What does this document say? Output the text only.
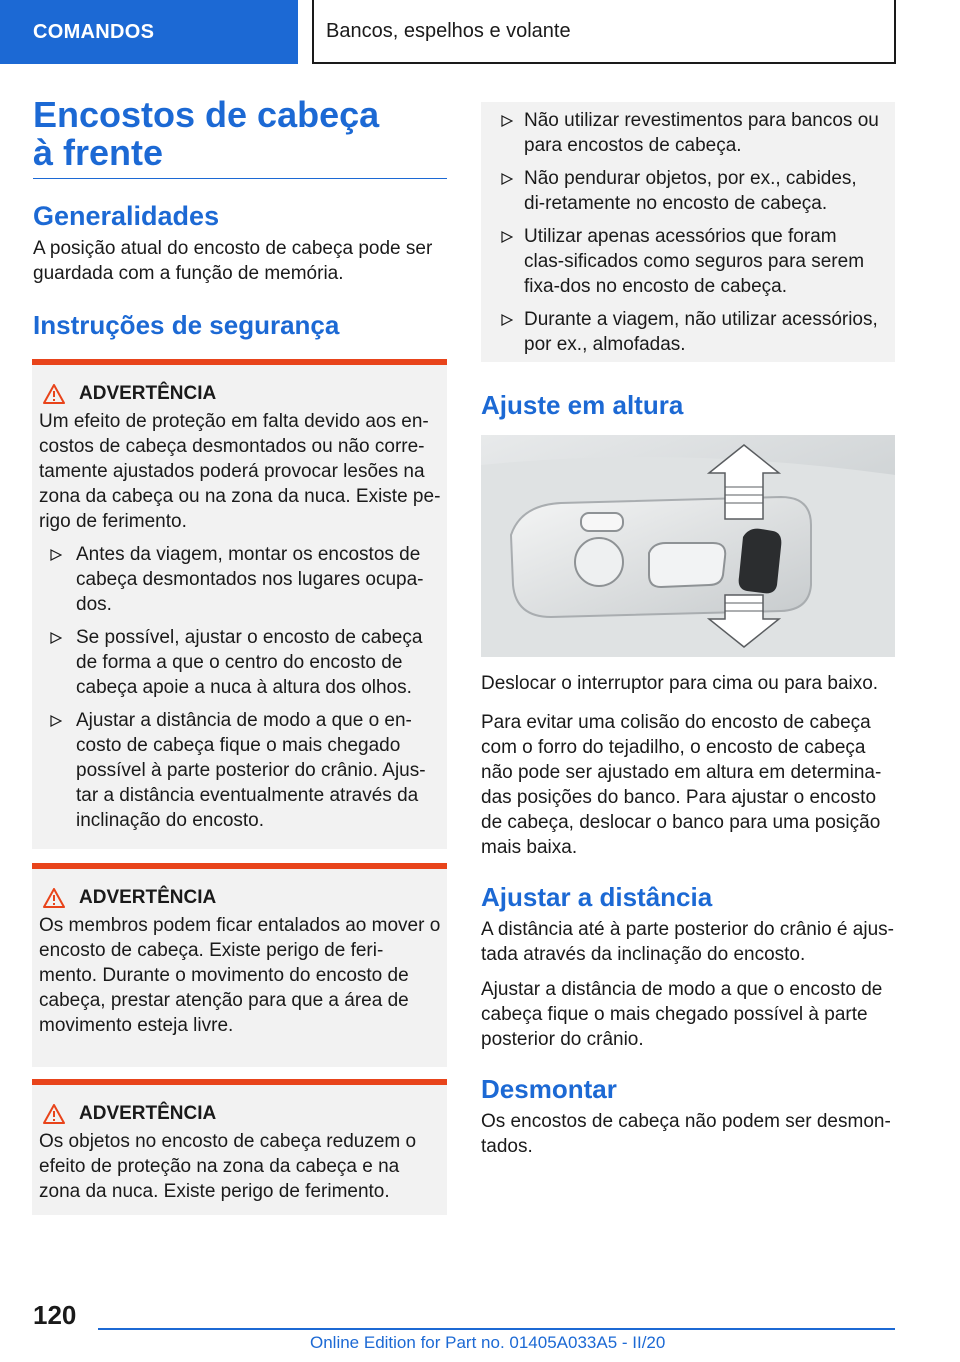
COMANDOS	Bancos, espelhos e volante
Encostos de cabeça à frente
Generalidades

A posição atual do encosto de cabeça pode ser guardada com a função de memória.

Instruções de segurança
ADVERTÊNCIA

Um efeito de proteção em falta devido aos en-costos de cabeça desmontados ou não corre-tamente ajustados poderá provocar lesões na zona da cabeça ou na zona da nuca. Existe pe-rigo de ferimento.

Antes da viagem, montar os encostos de cabeça desmontados nos lugares ocupa-dos.
Se possível, ajustar o encosto de cabeça de forma a que o centro do encosto de cabeça apoie a nuca à altura dos olhos.
Ajustar a distância de modo a que o en-costo de cabeça fique o mais chegado possível à parte posterior do crânio. Ajus-tar a distância eventualmente através da inclinação do encosto.
ADVERTÊNCIA

Os membros podem ficar entalados ao mover o encosto de cabeça. Existe perigo de feri-mento. Durante o movimento do encosto de cabeça, prestar atenção para que a área de movimento esteja livre.

ADVERTÊNCIA

Os objetos no encosto de cabeça reduzem o efeito de proteção na zona da cabeça e na zona da nuca. Existe perigo de ferimento.

Não utilizar revestimentos para bancos ou para encostos de cabeça.
Não pendurar objetos, por ex., cabides, di-retamente no encosto de cabeça.
Utilizar apenas acessórios que foram clas-sificados como seguros para serem fixa-dos no encosto de cabeça.
Durante a viagem, não utilizar acessórios, por ex., almofadas.
Ajuste em altura

Deslocar o interruptor para cima ou para baixo.

Para evitar uma colisão do encosto de cabeça com o forro do tejadilho, o encosto de cabeça não pode ser ajustado em altura em determina-das posições do banco. Para ajustar o encosto de cabeça, deslocar o banco para uma posição mais baixa.

Ajustar a distância

A distância até à parte posterior do crânio é ajus-tada através da inclinação do encosto.

Ajustar a distância de modo a que o encosto de cabeça fique o mais chegado possível à parte posterior do crânio.

Desmontar

Os encostos de cabeça não podem ser desmon-tados.

120
Online Edition for Part no. 01405A033A5 - II/20
